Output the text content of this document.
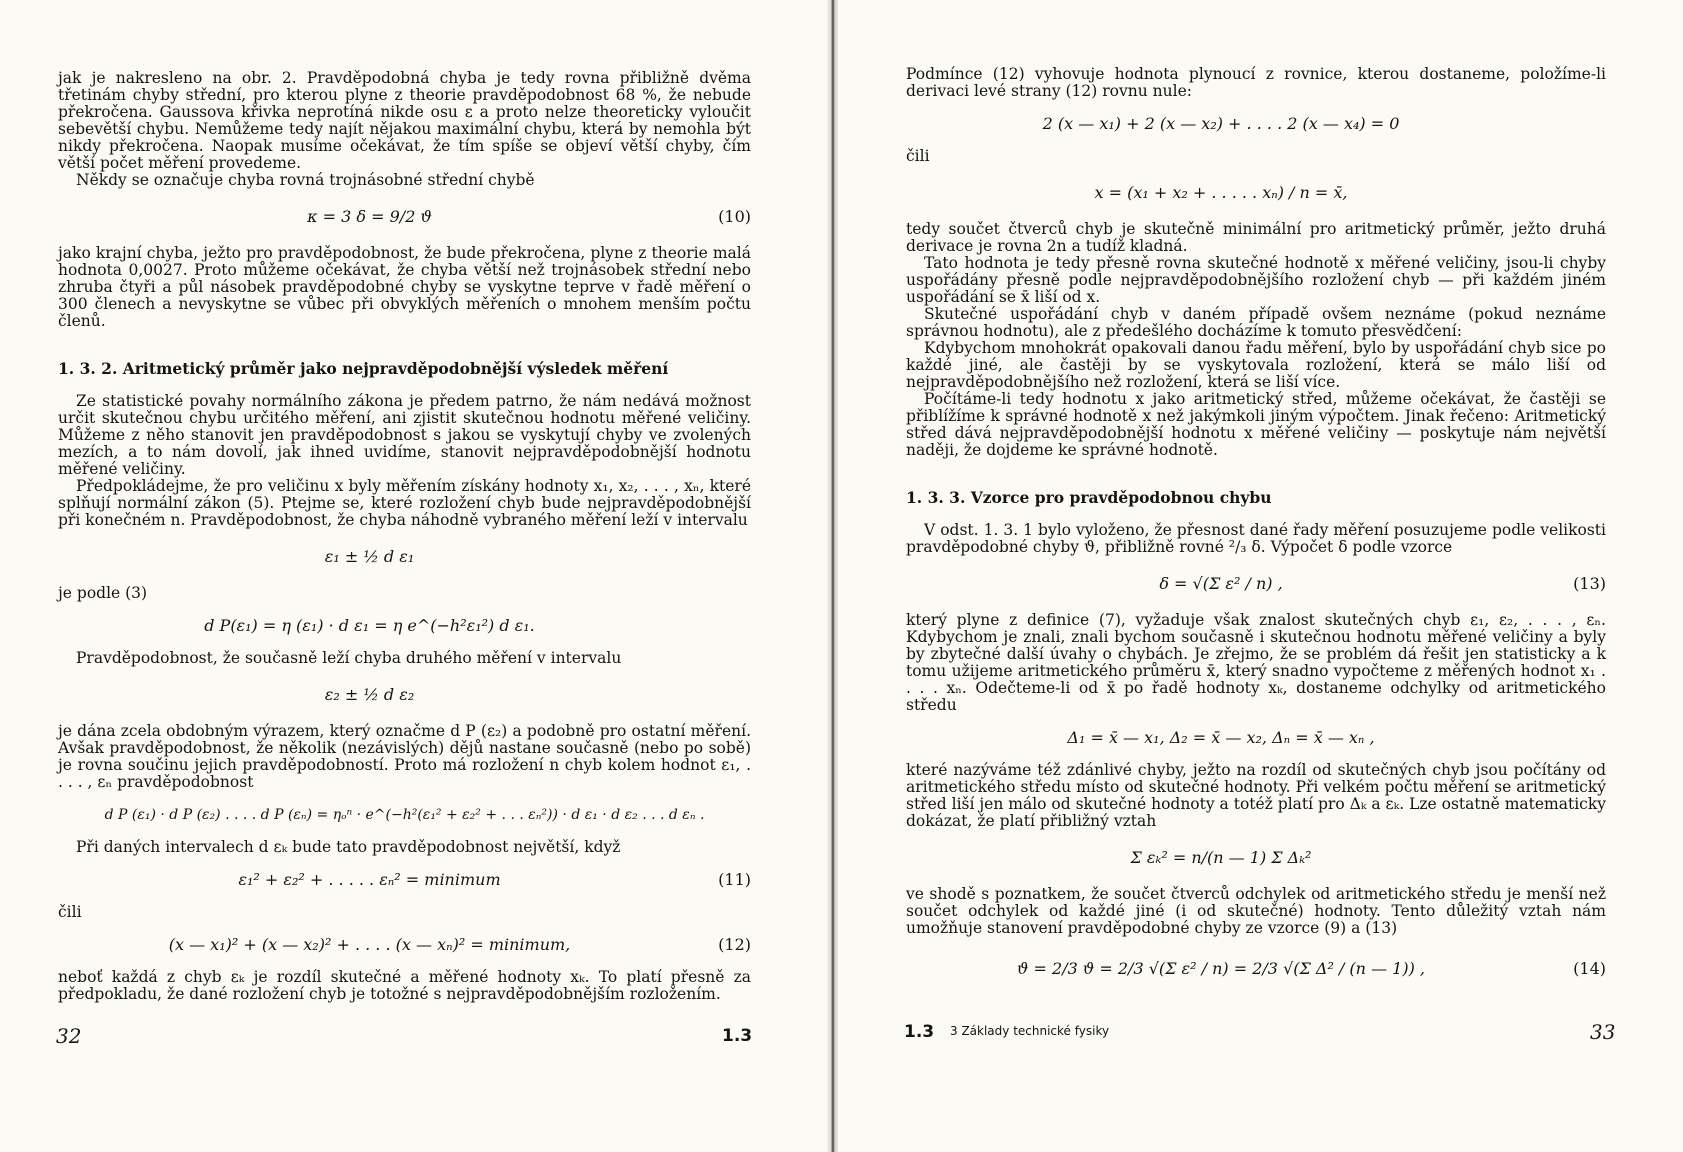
jak je nakresleno na obr. 2. Pravděpodobná chyba je tedy rovna přibližně dvěma třetinám chyby střední, pro kterou plyne z theorie pravděpodobnost 68 %, že nebude překročena. Gaussova křivka neprotíná nikde osu ε a proto nelze theoreticky vyloučit sebevětší chybu. Nemůžeme tedy najít nějakou maximální chybu, která by nemohla být nikdy překročena. Naopak musíme očekávat, že tím spíše se objeví větší chyby, čím větší počet měření provedeme.

Někdy se označuje chyba rovná trojnásobné střední chybě

κ = 3 δ = 9/2 ϑ	(10)

jako krajní chyba, ježto pro pravděpodobnost, že bude překročena, plyne z theorie malá hodnota 0,0027. Proto můžeme očekávat, že chyba větší než trojnásobek střední nebo zhruba čtyři a půl násobek pravděpodobné chyby se vyskytne teprve v řadě měření o 300 členech a nevyskytne se vůbec při obvyklých měřeních o mnohem menším počtu členů.

1. 3. 2. Aritmetický průměr jako nejpravděpodobnější výsledek měření

Ze statistické povahy normálního zákona je předem patrno, že nám nedává možnost určit skutečnou chybu určitého měření, ani zjistit skutečnou hodnotu měřené veličiny. Můžeme z něho stanovit jen pravděpodobnost s jakou se vyskytují chyby ve zvolených mezích, a to nám dovolí, jak ihned uvidíme, stanovit nejpravděpodobnější hodnotu měřené veličiny.

Předpokládejme, že pro veličinu x byly měřením získány hodnoty x₁, x₂, . . . , xₙ, které splňují normální zákon (5). Ptejme se, které rozložení chyb bude nejpravděpodobnější při konečném n. Pravděpodobnost, že chyba náhodně vybraného měření leží v intervalu

ε₁ ± ½ d ε₁

je podle (3)

d P(ε₁) = η (ε₁) · d ε₁ = η e^(−h²ε₁²) d ε₁.

Pravděpodobnost, že současně leží chyba druhého měření v intervalu

ε₂ ± ½ d ε₂

je dána zcela obdobným výrazem, který označme d P (ε₂) a podobně pro ostatní měření. Avšak pravděpodobnost, že několik (nezávislých) dějů nastane současně (nebo po sobě) je rovna součinu jejich pravděpodobností. Proto má rozložení n chyb kolem hodnot ε₁, . . . . , εₙ pravděpodobnost

d P (ε₁) · d P (ε₂) . . . . d P (εₙ) = ηₒⁿ · e^(−h²(ε₁² + ε₂² + . . . εₙ²)) · d ε₁ · d ε₂ . . . d εₙ .

Při daných intervalech d εₖ bude tato pravděpodobnost největší, když

ε₁² + ε₂² + . . . . . εₙ² = minimum	(11)

čili

(x — x₁)² + (x — x₂)² + . . . . (x — xₙ)² = minimum,	(12)

neboť každá z chyb εₖ je rozdíl skutečné a měřené hodnoty xₖ. To platí přesně za předpokladu, že dané rozložení chyb je totožné s nejpravděpodobnějším rozložením.

32	1.3

Podmínce (12) vyhovuje hodnota plynoucí z rovnice, kterou dostaneme, položíme-li derivaci levé strany (12) rovnu nule:

2 (x — x₁) + 2 (x — x₂) + . . . . 2 (x — x₄) = 0

čili

x = (x₁ + x₂ + . . . . . xₙ) / n = x̄,

tedy součet čtverců chyb je skutečně minimální pro aritmetický průměr, ježto druhá derivace je rovna 2n a tudíž kladná.

Tato hodnota je tedy přesně rovna skutečné hodnotě x měřené veličiny, jsou-li chyby uspořádány přesně podle nejpravděpodobnějšího rozložení chyb — při každém jiném uspořádání se x̄ liší od x.

Skutečné uspořádání chyb v daném případě ovšem neznáme (pokud neznáme správnou hodnotu), ale z předešlého docházíme k tomuto přesvědčení:

Kdybychom mnohokrát opakovali danou řadu měření, bylo by uspořádání chyb sice po každé jiné, ale častěji by se vyskytovala rozložení, která se málo liší od nejpravděpodobnějšího než rozložení, která se liší více.

Počítáme-li tedy hodnotu x jako aritmetický střed, můžeme očekávat, že častěji se přiblížíme k správné hodnotě x než jakýmkoli jiným výpočtem. Jinak řečeno: Aritmetický střed dává nejpravděpodobnější hodnotu x měřené veličiny — poskytuje nám největší naději, že dojdeme ke správné hodnotě.

1. 3. 3. Vzorce pro pravděpodobnou chybu

V odst. 1. 3. 1 bylo vyloženo, že přesnost dané řady měření posuzujeme podle velikosti pravděpodobné chyby ϑ, přibližně rovné ²/₃ δ. Výpočet δ podle vzorce

δ = √(Σ ε² / n) ,	(13)

který plyne z definice (7), vyžaduje však znalost skutečných chyb ε₁, ε₂, . . . , εₙ. Kdybychom je znali, znali bychom současně i skutečnou hodnotu měřené veličiny a byly by zbytečné další úvahy o chybách. Je zřejmo, že se problém dá řešit jen statisticky a k tomu užijeme aritmetického průměru x̄, který snadno vypočteme z měřených hodnot x₁ . . . . xₙ. Odečteme-li od x̄ po řadě hodnoty xₖ, dostaneme odchylky od aritmetického středu

Δ₁ = x̄ — x₁, Δ₂ = x̄ — x₂, Δₙ = x̄ — xₙ ,

které nazýváme též zdánlivé chyby, ježto na rozdíl od skutečných chyb jsou počítány od aritmetického středu místo od skutečné hodnoty. Při velkém počtu měření se aritmetický střed liší jen málo od skutečné hodnoty a totéž platí pro Δₖ a εₖ. Lze ostatně matematicky dokázat, že platí přibližný vztah

Σ εₖ² = n/(n — 1) Σ Δₖ²

ve shodě s poznatkem, že součet čtverců odchylek od aritmetického středu je menší než součet odchylek od každé jiné (i od skutečné) hodnoty. Tento důležitý vztah nám umožňuje stanovení pravděpodobné chyby ze vzorce (9) a (13)

ϑ = 2/3 ϑ = 2/3 √(Σ ε² / n) = 2/3 √(Σ Δ² / (n — 1)) ,	(14)
1.3 3 Základy technické fysiky	33
